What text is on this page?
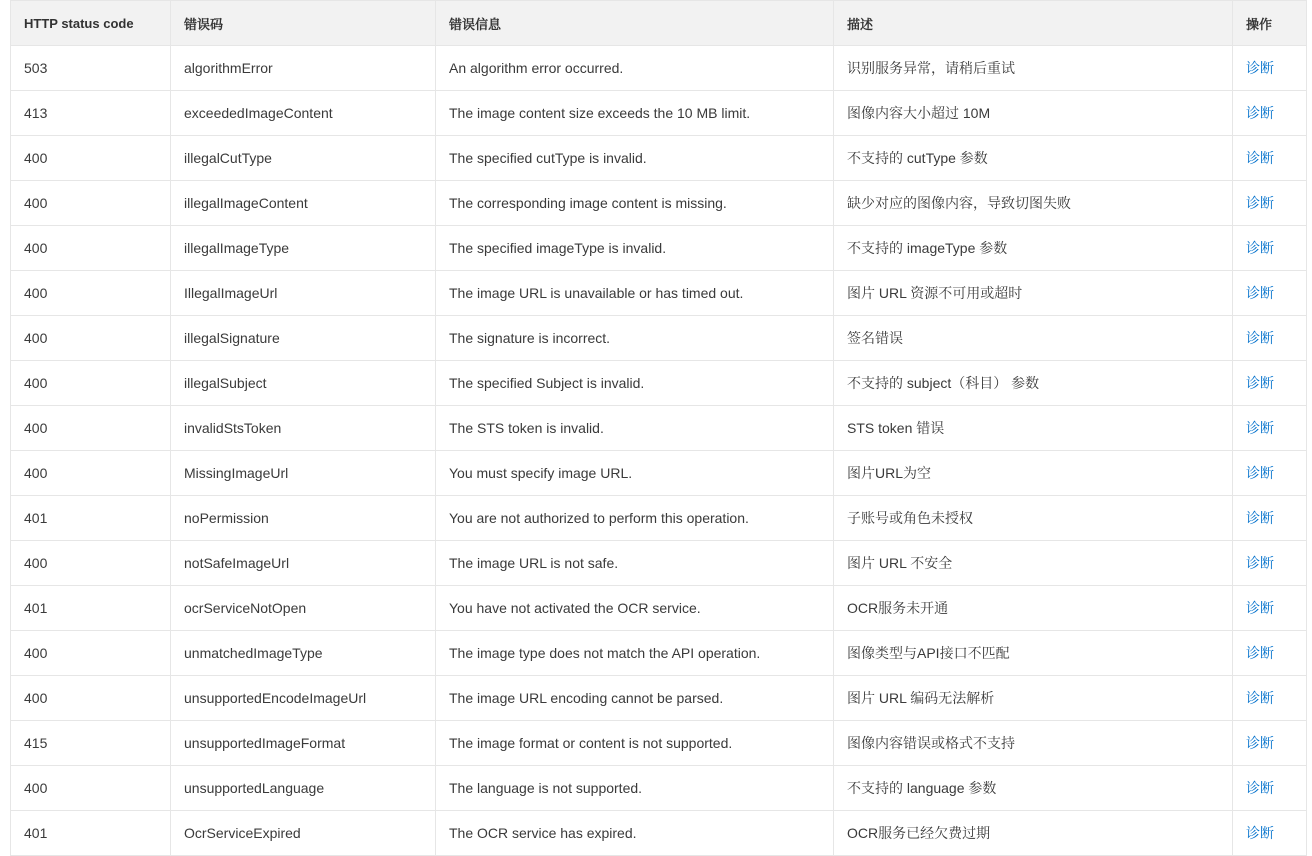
HTTP status code	错误码	错误信息	描述	操作
503	algorithmError	An algorithm error occurred.	识别服务异常，请稍后重试	诊断
413	exceededImageContent	The image content size exceeds the 10 MB limit.	图像内容大小超过 10M	诊断
400	illegalCutType	The specified cutType is invalid.	不支持的 cutType 参数	诊断
400	illegalImageContent	The corresponding image content is missing.	缺少对应的图像内容，导致切图失败	诊断
400	illegalImageType	The specified imageType is invalid.	不支持的 imageType 参数	诊断
400	IllegalImageUrl	The image URL is unavailable or has timed out.	图片 URL 资源不可用或超时	诊断
400	illegalSignature	The signature is incorrect.	签名错误	诊断
400	illegalSubject	The specified Subject is invalid.	不支持的 subject（科目） 参数	诊断
400	invalidStsToken	The STS token is invalid.	STS token 错误	诊断
400	MissingImageUrl	You must specify image URL.	图片URL为空	诊断
401	noPermission	You are not authorized to perform this operation.	子账号或角色未授权	诊断
400	notSafeImageUrl	The image URL is not safe.	图片 URL 不安全	诊断
401	ocrServiceNotOpen	You have not activated the OCR service.	OCR服务未开通	诊断
400	unmatchedImageType	The image type does not match the API operation.	图像类型与API接口不匹配	诊断
400	unsupportedEncodeImageUrl	The image URL encoding cannot be parsed.	图片 URL 编码无法解析	诊断
415	unsupportedImageFormat	The image format or content is not supported.	图像内容错误或格式不支持	诊断
400	unsupportedLanguage	The language is not supported.	不支持的 language 参数	诊断
401	OcrServiceExpired	The OCR service has expired.	OCR服务已经欠费过期	诊断
